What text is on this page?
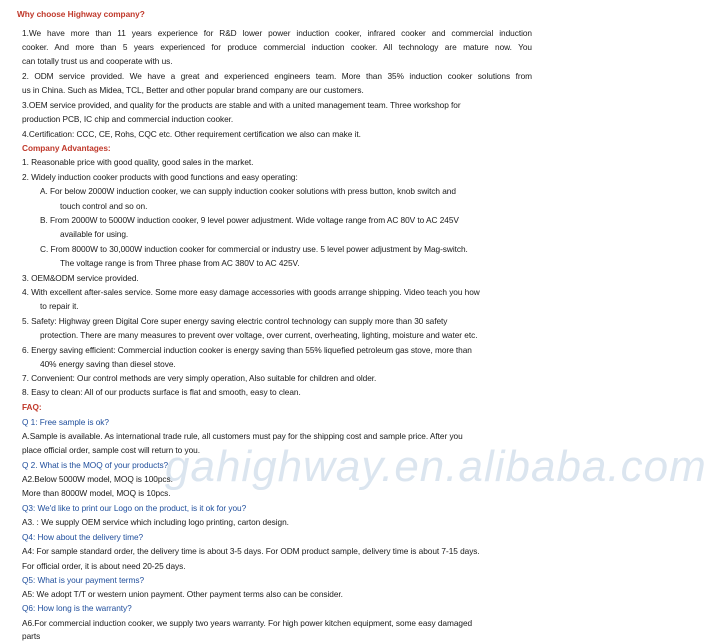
gahighway.en.alibaba.com
Why choose Highway company?
1.We have more than 11 years experience for R&D lower power induction cooker, infrared cooker and commercial induction
cooker. And more than 5 years experienced for produce commercial induction cooker. All technology are mature now. You
can totally trust us and cooperate with us.
2. ODM service provided. We have a great and experienced engineers team. More than 35% induction cooker solutions from
us in China. Such as Midea, TCL, Better and other popular brand company are our customers.
3.OEM service provided, and quality for the products are stable and with a united management team. Three workshop for
production PCB, IC chip and commercial induction cooker.
4.Certification: CCC, CE, Rohs, CQC etc. Other requirement certification we also can make it.
Company Advantages:
1. Reasonable price with good quality, good sales in the market.
2. Widely induction cooker products with good functions and easy operating:
A. For below 2000W induction cooker, we can supply induction cooker solutions with press button, knob switch and
touch control and so on.
B. From 2000W to 5000W induction cooker, 9 level power adjustment. Wide voltage range from AC 80V to AC 245V
available for using.
C. From 8000W to 30,000W induction cooker for commercial or industry use. 5 level power adjustment by Mag-switch.
The voltage range is from Three phase from AC 380V to AC 425V.
3. OEM&ODM service provided.
4. With excellent after-sales service. Some more easy damage accessories with goods arrange shipping. Video teach you how
to repair it.
5. Safety: Highway green Digital Core super energy saving electric control technology can supply more than 30 safety
protection. There are many measures to prevent over voltage, over current, overheating, lighting, moisture and water etc.
6. Energy saving efficient: Commercial induction cooker is energy saving than 55% liquefied petroleum gas stove, more than
40% energy saving than diesel stove.
7. Convenient: Our control methods are very simply operation, Also suitable for children and older.
8. Easy to clean: All of our products surface is flat and smooth, easy to clean.
FAQ:
Q 1: Free sample is ok?
A.Sample is available. As international trade rule, all customers must pay for the shipping cost and sample price. After you
place official order, sample cost will return to you.
Q 2. What is the MOQ of your products?
A2.Below 5000W model, MOQ is 100pcs.
More than 8000W model, MOQ is 10pcs.
Q3: We'd like to print our Logo on the product, is it ok for you?
A3. : We supply OEM service which including logo printing, carton design.
Q4: How about the delivery time?
A4: For sample standard order, the delivery time is about 3-5 days. For ODM product sample, delivery time is about 7-15 days.
For official order, it is about need 20-25 days.
Q5: What is your payment terms?
A5: We adopt T/T or western union payment. Other payment terms also can be consider.
Q6: How long is the warranty?
A6.For commercial induction cooker, we supply two years warranty. For high power kitchen equipment, some easy damaged
parts
